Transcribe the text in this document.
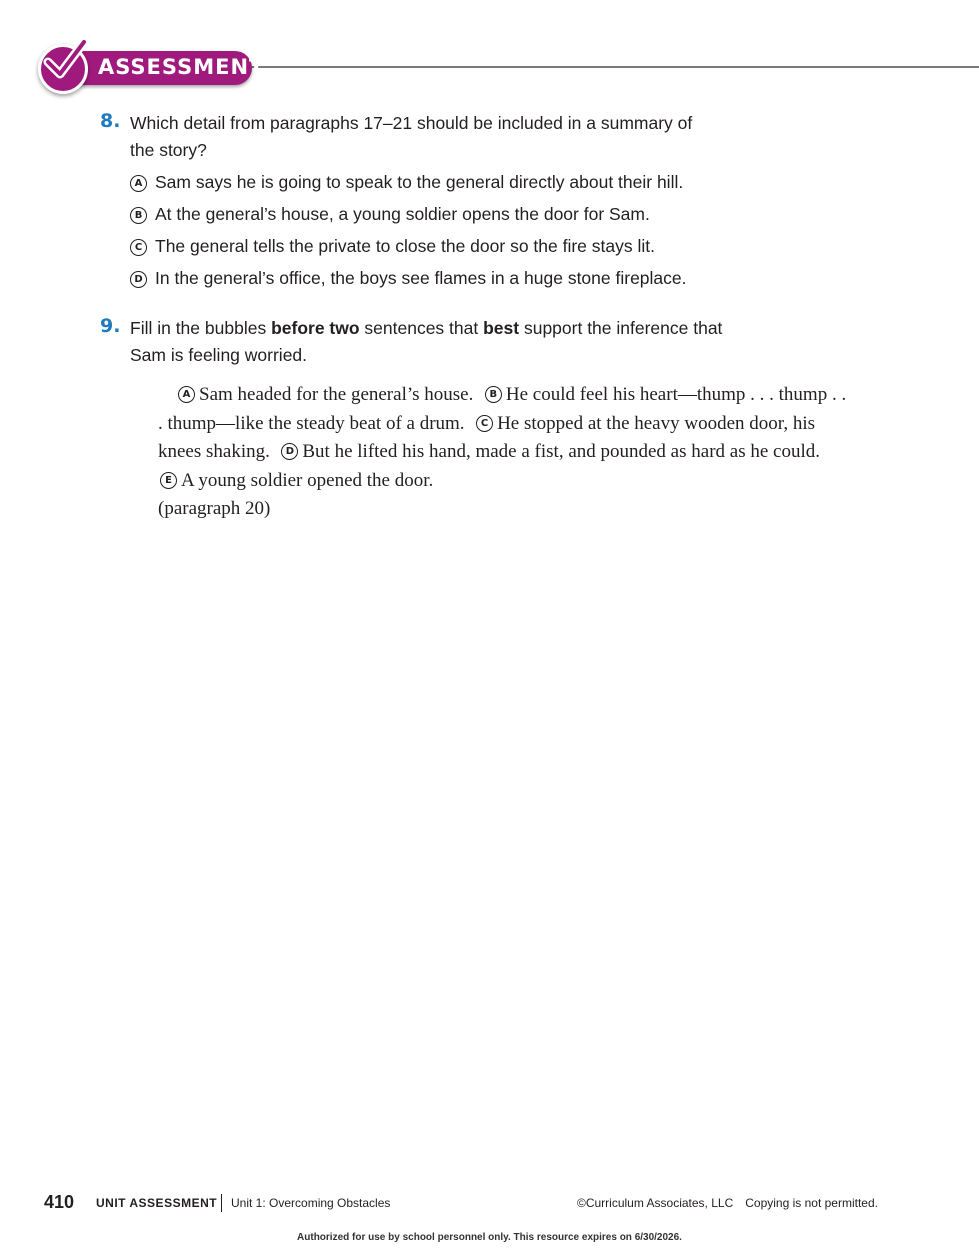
ASSESSMENT
8. Which detail from paragraphs 17–21 should be included in a summary of
the story?
A Sam says he is going to speak to the general directly about their hill.
B At the general’s house, a young soldier opens the door for Sam.
C The general tells the private to close the door so the fire stays lit.
D In the general’s office, the boys see flames in a huge stone fireplace.
9. Fill in the bubbles before two sentences that best support the inference that
Sam is feeling worried.
A Sam headed for the general’s house. B He could feel his heart—thump . . . thump . . . thump—like the steady beat of a drum. C He stopped at the heavy wooden door, his knees shaking. D But he lifted his hand, made a fist, and pounded as hard as he could.  E A young soldier opened the door.
(paragraph 20)
410 UNIT ASSESSMENT Unit 1: Overcoming Obstacles	©Curriculum Associates, LLC Copying is not permitted.
Authorized for use by school personnel only. This resource expires on 6/30/2026.
